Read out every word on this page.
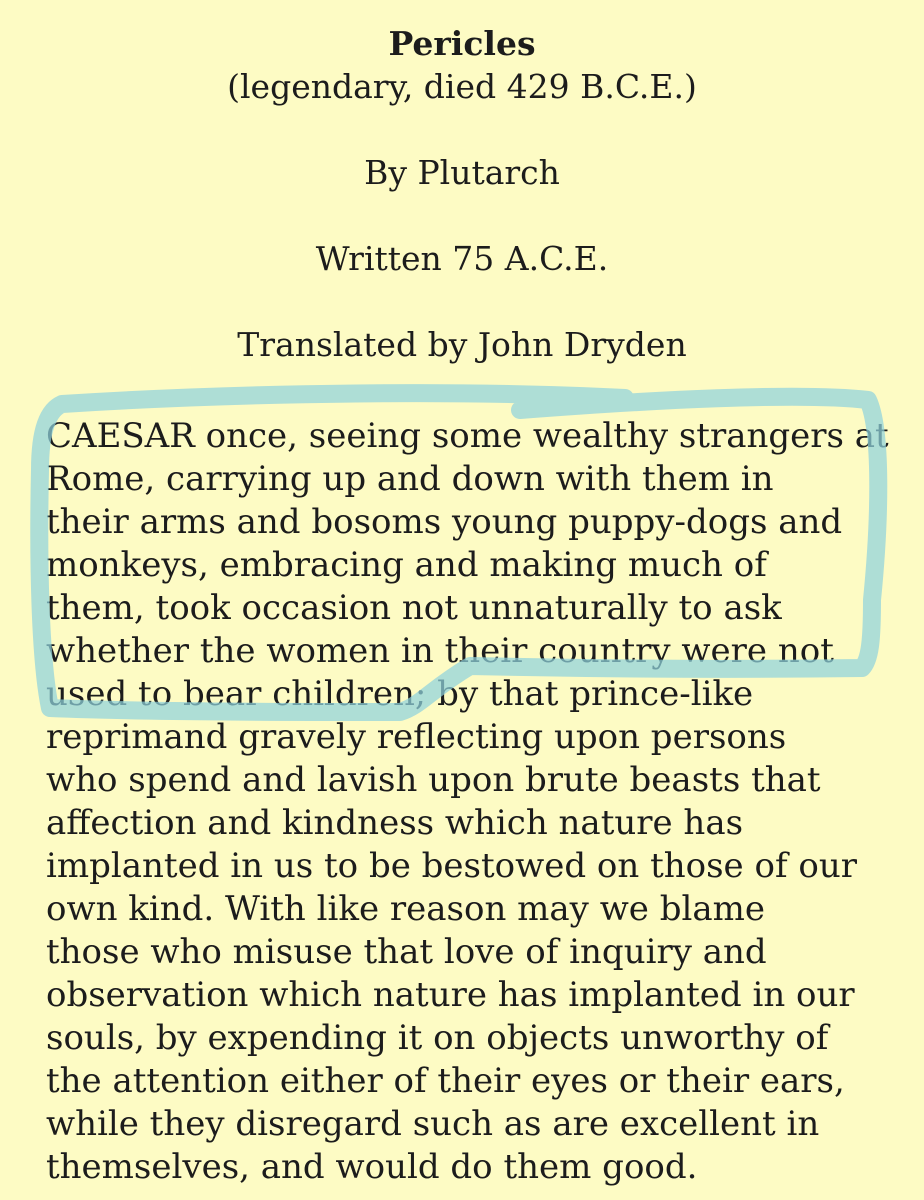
Pericles
(legendary, died 429 B.C.E.)
By Plutarch
Written 75 A.C.E.
Translated by John Dryden
CAESAR once, seeing some wealthy strangers at
Rome, carrying up and down with them in
their arms and bosoms young puppy-dogs and
monkeys, embracing and making much of
them, took occasion not unnaturally to ask
whether the women in their country were not
used to bear children; by that prince-like
reprimand gravely reflecting upon persons
who spend and lavish upon brute beasts that
affection and kindness which nature has
implanted in us to be bestowed on those of our
own kind. With like reason may we blame
those who misuse that love of inquiry and
observation which nature has implanted in our
souls, by expending it on objects unworthy of
the attention either of their eyes or their ears,
while they disregard such as are excellent in
themselves, and would do them good.
